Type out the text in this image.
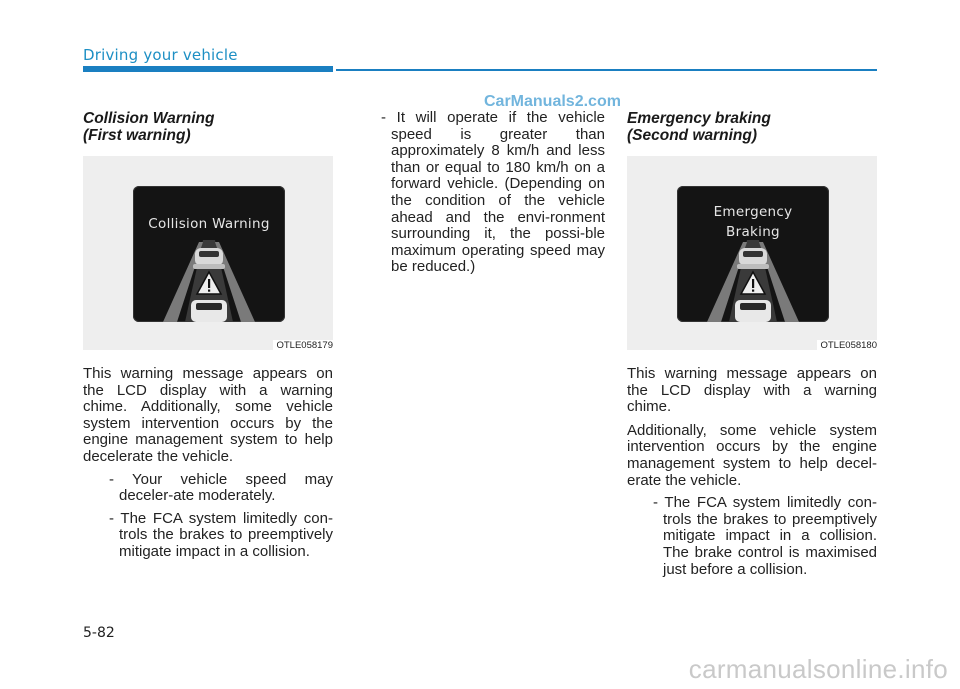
Driving your vehicle
CarManuals2.com
Collision Warning
(First warning)
Collision Warning
OTLE058179

This warning message appears on the LCD display with a warning chime. Additionally, some vehicle system intervention occurs by the engine management system to help decelerate the vehicle.

- Your vehicle speed may deceler-ate moderately.
- The FCA system limitedly con-trols the brakes to preemptively mitigate impact in a collision.
- It will operate if the vehicle speed is greater than approximately 8 km/h and less than or equal to 180 km/h on a forward vehicle. (Depending on the condition of the vehicle ahead and the envi-ronment surrounding it, the possi-ble maximum operating speed may be reduced.)
Emergency braking
(Second warning)
Emergency
Braking
OTLE058180

This warning message appears on the LCD display with a warning chime.

Additionally, some vehicle system intervention occurs by the engine management system to help decel-erate the vehicle.

- The FCA system limitedly con-trols the brakes to preemptively mitigate impact in a collision. The brake control is maximised just before a collision.
5-82
carmanualsonline.info
